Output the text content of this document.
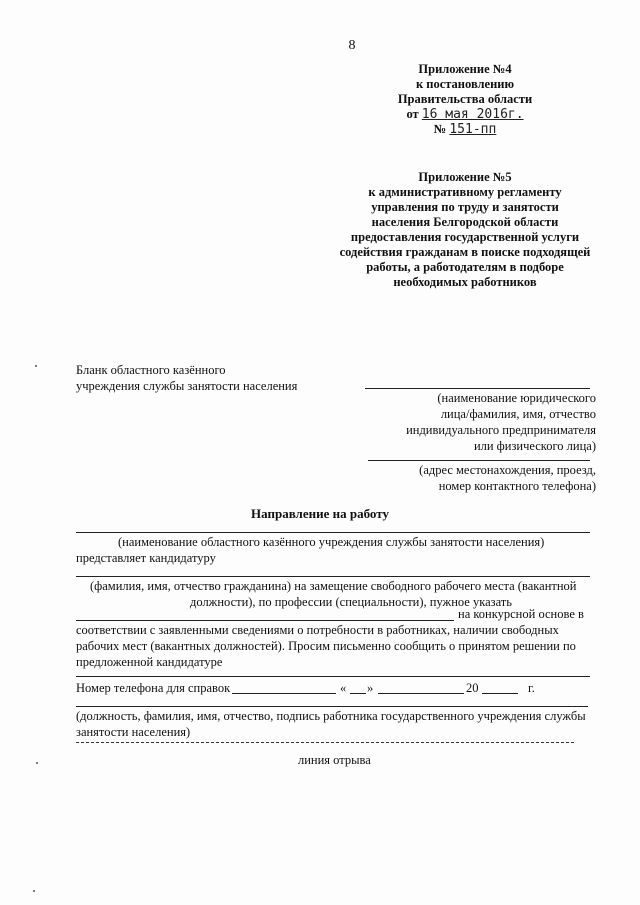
8
Приложение №4
к постановлению
Правительства области
от 16 мая 2016г.
№ 151-пп
Приложение №5
к административному регламенту
управления по труду и занятости
населения Белгородской области
предоставления государственной услуги
содействия гражданам в поиске подходящей
работы, а работодателям в подборе
необходимых работников
Бланк областного казённого
учреждения службы занятости населения
(наименование юридического
лица/фамилия, имя, отчество
индивидуального предпринимателя
или физического лица)
(адрес местонахождения, проезд,
номер контактного телефона)
Направление на работу
(наименование областного казённого учреждения службы занятости населения)
представляет кандидатуру
(фамилия, имя, отчество гражданина) на замещение свободного рабочего места (вакантной
должности), по профессии (специальности), пужное указать
на конкурсной основе в
соответствии с заявленными сведениями о потребности в работниках, наличии свободных
рабочих мест (вакантных должностей). Просим письменно сообщить о принятом решении по
предложенной кандидатуре
Номер телефона для справок	« »	20	г.
(должность, фамилия, имя, отчество, подпись работника государственного учреждения службы
занятости населения)
линия отрыва
